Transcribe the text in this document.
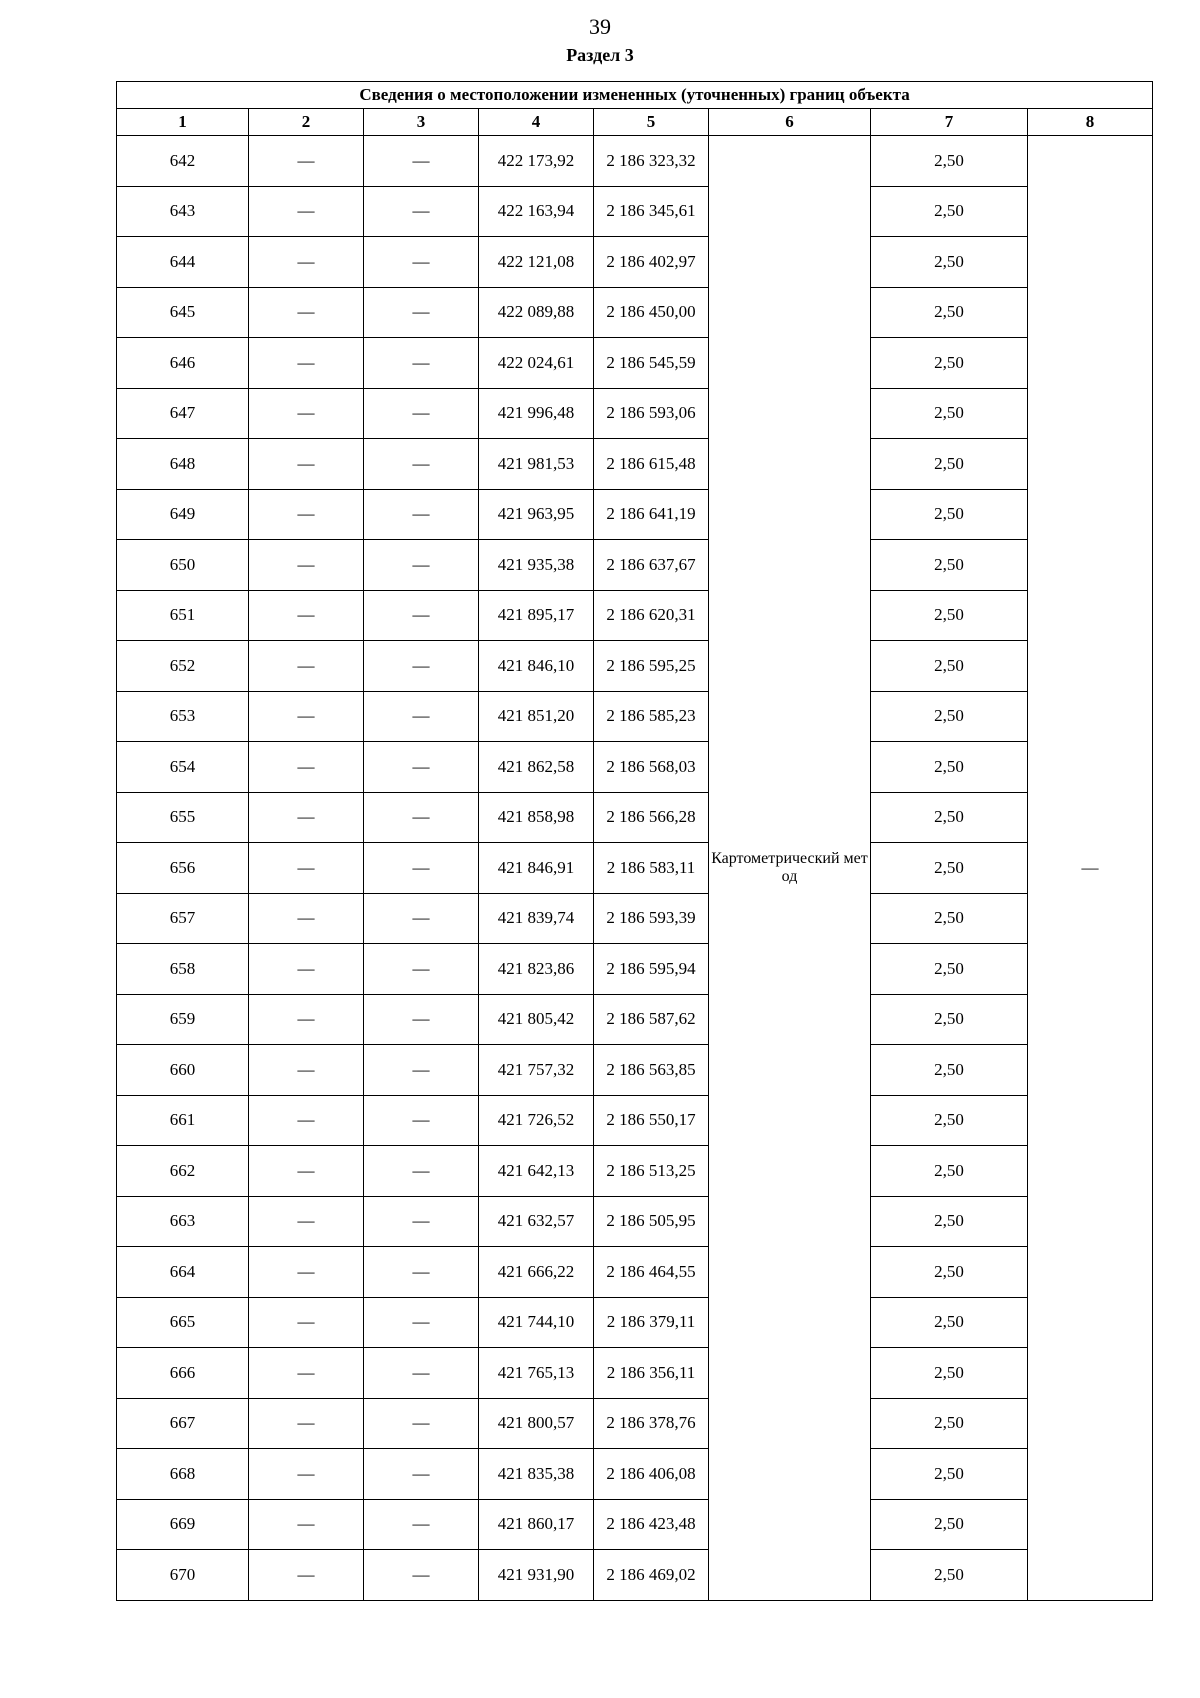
39
Раздел 3
Сведения о местоположении измененных (уточненных) границ объекта							
1	2	3	4	5	6	7	8
642	—	—	422 173,92	2 186 323,32	Картометрический метод	2,50	—
643	—	—	422 163,94	2 186 345,61		2,50	
644	—	—	422 121,08	2 186 402,97		2,50	
645	—	—	422 089,88	2 186 450,00		2,50	
646	—	—	422 024,61	2 186 545,59		2,50	
647	—	—	421 996,48	2 186 593,06		2,50	
648	—	—	421 981,53	2 186 615,48		2,50	
649	—	—	421 963,95	2 186 641,19		2,50	
650	—	—	421 935,38	2 186 637,67		2,50	
651	—	—	421 895,17	2 186 620,31		2,50	
652	—	—	421 846,10	2 186 595,25		2,50	
653	—	—	421 851,20	2 186 585,23		2,50	
654	—	—	421 862,58	2 186 568,03		2,50	
655	—	—	421 858,98	2 186 566,28		2,50	
656	—	—	421 846,91	2 186 583,11		2,50	
657	—	—	421 839,74	2 186 593,39		2,50	
658	—	—	421 823,86	2 186 595,94		2,50	
659	—	—	421 805,42	2 186 587,62		2,50	
660	—	—	421 757,32	2 186 563,85		2,50	
661	—	—	421 726,52	2 186 550,17		2,50	
662	—	—	421 642,13	2 186 513,25		2,50	
663	—	—	421 632,57	2 186 505,95		2,50	
664	—	—	421 666,22	2 186 464,55		2,50	
665	—	—	421 744,10	2 186 379,11		2,50	
666	—	—	421 765,13	2 186 356,11		2,50	
667	—	—	421 800,57	2 186 378,76		2,50	
668	—	—	421 835,38	2 186 406,08		2,50	
669	—	—	421 860,17	2 186 423,48		2,50	
670	—	—	421 931,90	2 186 469,02		2,50	
